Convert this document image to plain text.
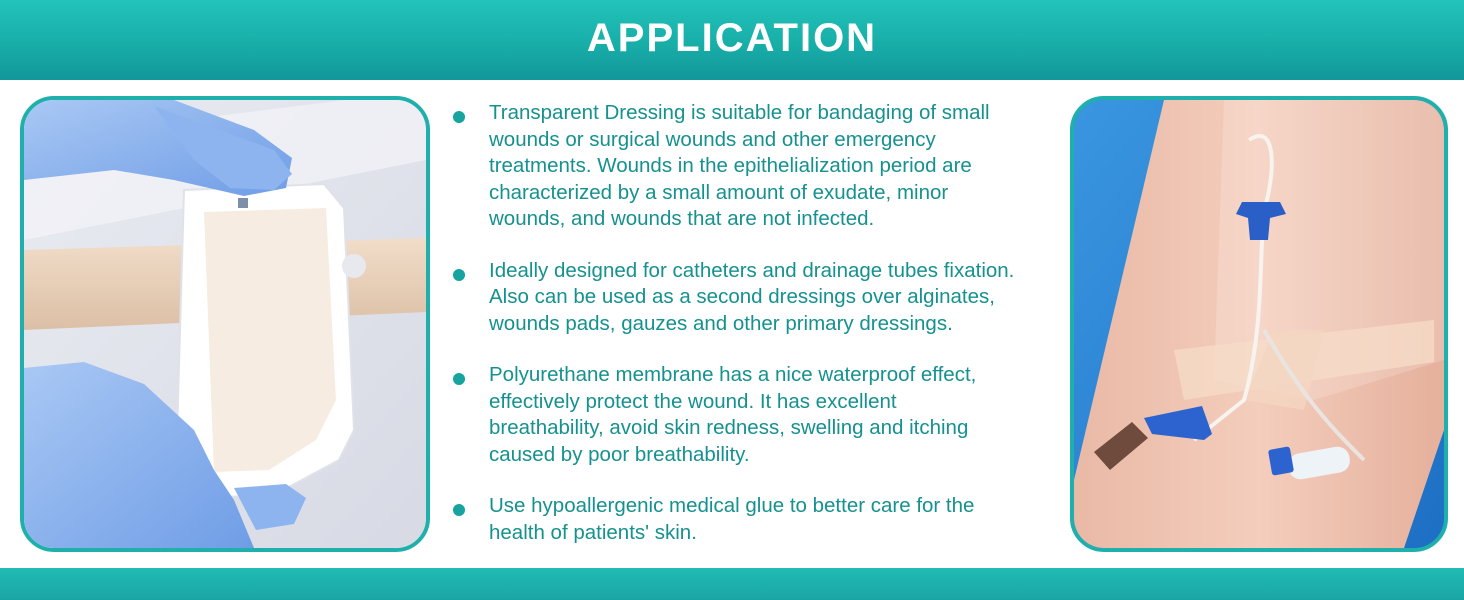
APPLICATION
Transparent Dressing is suitable for bandaging of small
wounds or surgical wounds and other emergency
treatments. Wounds in the epithelialization period are
characterized by a small amount of exudate, minor
wounds, and wounds that are not infected.
Ideally designed for catheters and drainage tubes fixation.
Also can be used as a second dressings over alginates,
wounds pads, gauzes and other primary dressings.
Polyurethane membrane has a nice waterproof effect,
effectively protect the wound. It has excellent
breathability, avoid skin redness, swelling and itching
caused by poor breathability.
Use hypoallergenic medical glue to better care for the
health of patients' skin.
